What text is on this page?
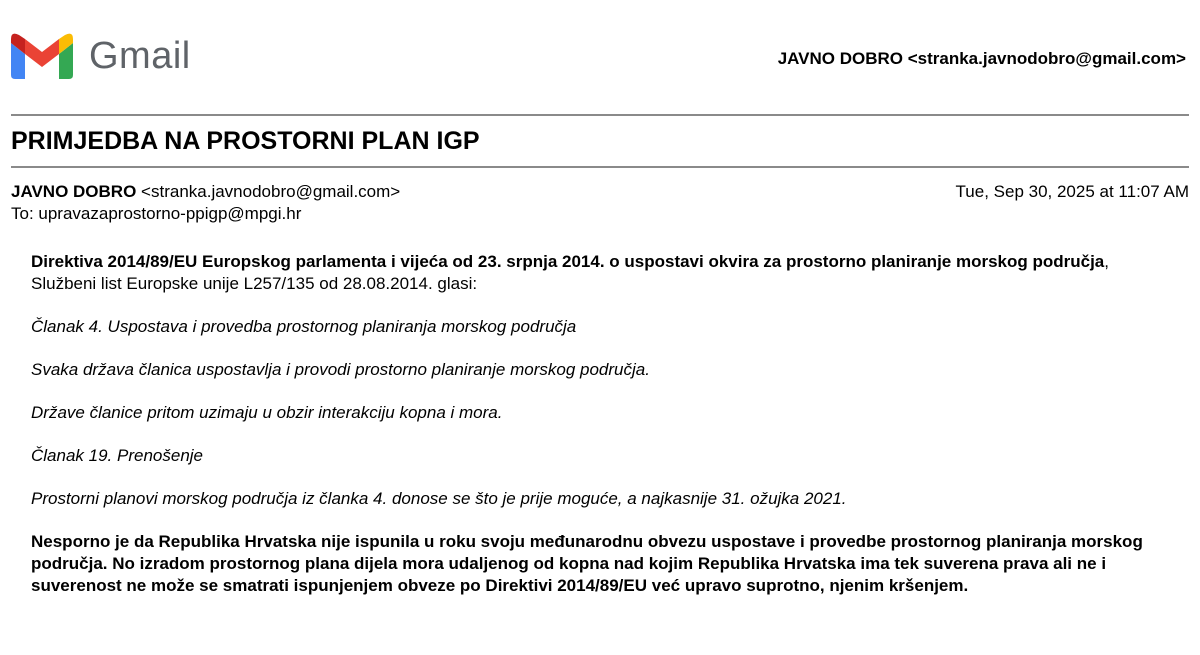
Gmail	JAVNO DOBRO <stranka.javnodobro@gmail.com>
PRIMJEDBA NA PROSTORNI PLAN IGP
JAVNO DOBRO <stranka.javnodobro@gmail.com>	Tue, Sep 30, 2025 at 11:07 AM
To: upravazaprostorno-ppigp@mpgi.hr

Direktiva 2014/89/EU Europskog parlamenta i vijeća od 23. srpnja 2014. o uspostavi okvira za prostorno planiranje morskog područja, Službeni list Europske unije L257/135 od 28.08.2014. glasi:

Članak 4. Uspostava i provedba prostornog planiranja morskog područja

Svaka država članica uspostavlja i provodi prostorno planiranje morskog područja.

Države članice pritom uzimaju u obzir interakciju kopna i mora.

Članak 19. Prenošenje

Prostorni planovi morskog područja iz članka 4. donose se što je prije moguće, a najkasnije 31. ožujka 2021.

Nesporno je da Republika Hrvatska nije ispunila u roku svoju međunarodnu obvezu uspostave i provedbe prostornog planiranja morskog područja. No izradom prostornog plana dijela mora udaljenog od kopna nad kojim Republika Hrvatska ima tek suverena prava ali ne i suverenost ne može se smatrati ispunjenjem obveze po Direktivi 2014/89/EU već upravo suprotno, njenim kršenjem.
